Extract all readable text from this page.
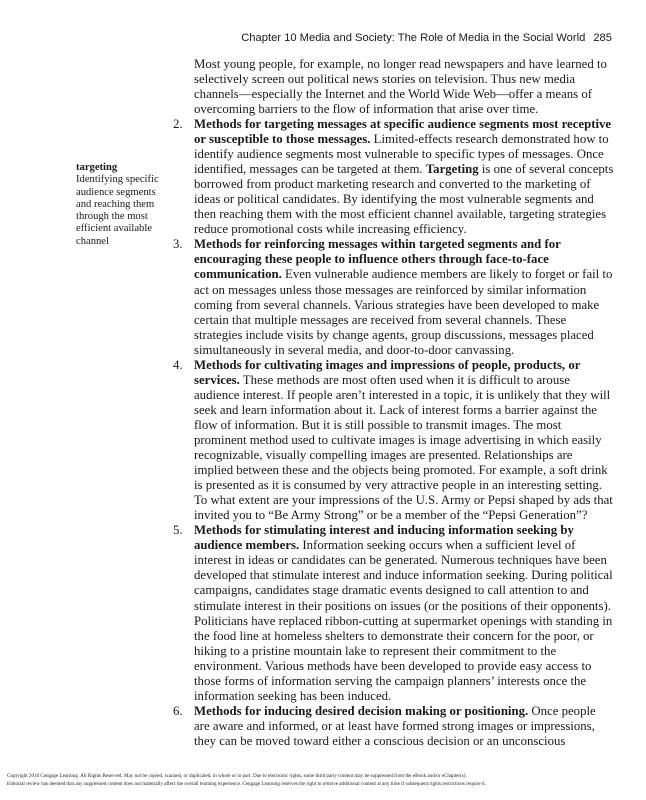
Chapter 10 Media and Society: The Role of Media in the Social World 285

Most young people, for example, no longer read newspapers and have learned to selectively screen out political news stories on television. Thus new media channels—especially the Internet and the World Wide Web—offer a means of overcoming barriers to the flow of information that arise over time.

targeting
Identifying specific audience segments and reaching them through the most efficient available channel
2. Methods for targeting messages at specific audience segments most receptive or susceptible to those messages. Limited-effects research demonstrated how to identify audience segments most vulnerable to specific types of messages. Once identified, messages can be targeted at them. Targeting is one of several concepts borrowed from product marketing research and converted to the marketing of ideas or political candidates. By identifying the most vulnerable segments and then reaching them with the most efficient channel available, targeting strategies reduce promotional costs while increasing efficiency.
3. Methods for reinforcing messages within targeted segments and for encouraging these people to influence others through face-to-face communication. Even vulnerable audience members are likely to forget or fail to act on messages unless those messages are reinforced by similar information coming from several channels. Various strategies have been developed to make certain that multiple messages are received from several channels. These strategies include visits by change agents, group discussions, messages placed simultaneously in several media, and door-to-door canvassing.
4. Methods for cultivating images and impressions of people, products, or services. These methods are most often used when it is difficult to arouse audience interest. If people aren’t interested in a topic, it is unlikely that they will seek and learn information about it. Lack of interest forms a barrier against the flow of information. But it is still possible to transmit images. The most prominent method used to cultivate images is image advertising in which easily recognizable, visually compelling images are presented. Relationships are implied between these and the objects being promoted. For example, a soft drink is presented as it is consumed by very attractive people in an interesting setting. To what extent are your impressions of the U.S. Army or Pepsi shaped by ads that invited you to “Be Army Strong” or be a member of the “Pepsi Generation”?
5. Methods for stimulating interest and inducing information seeking by audience members. Information seeking occurs when a sufficient level of interest in ideas or candidates can be generated. Numerous techniques have been developed that stimulate interest and induce information seeking. During political campaigns, candidates stage dramatic events designed to call attention to and stimulate interest in their positions on issues (or the positions of their opponents). Politicians have replaced ribbon-cutting at supermarket openings with standing in the food line at homeless shelters to demonstrate their concern for the poor, or hiking to a pristine mountain lake to represent their commitment to the environment. Various methods have been developed to provide easy access to those forms of information serving the campaign planners’ interests once the information seeking has been induced.
6. Methods for inducing desired decision making or positioning. Once people are aware and informed, or at least have formed strong images or impressions, they can be moved toward either a conscious decision or an unconscious
Copyright 2010 Cengage Learning. All Rights Reserved. May not be copied, scanned, or duplicated, in whole or in part. Due to electronic rights, some third party content may be suppressed from the eBook and/or eChapter(s).
Editorial review has deemed that any suppressed content does not materially affect the overall learning experience. Cengage Learning reserves the right to remove additional content at any time if subsequent rights restrictions require it.
